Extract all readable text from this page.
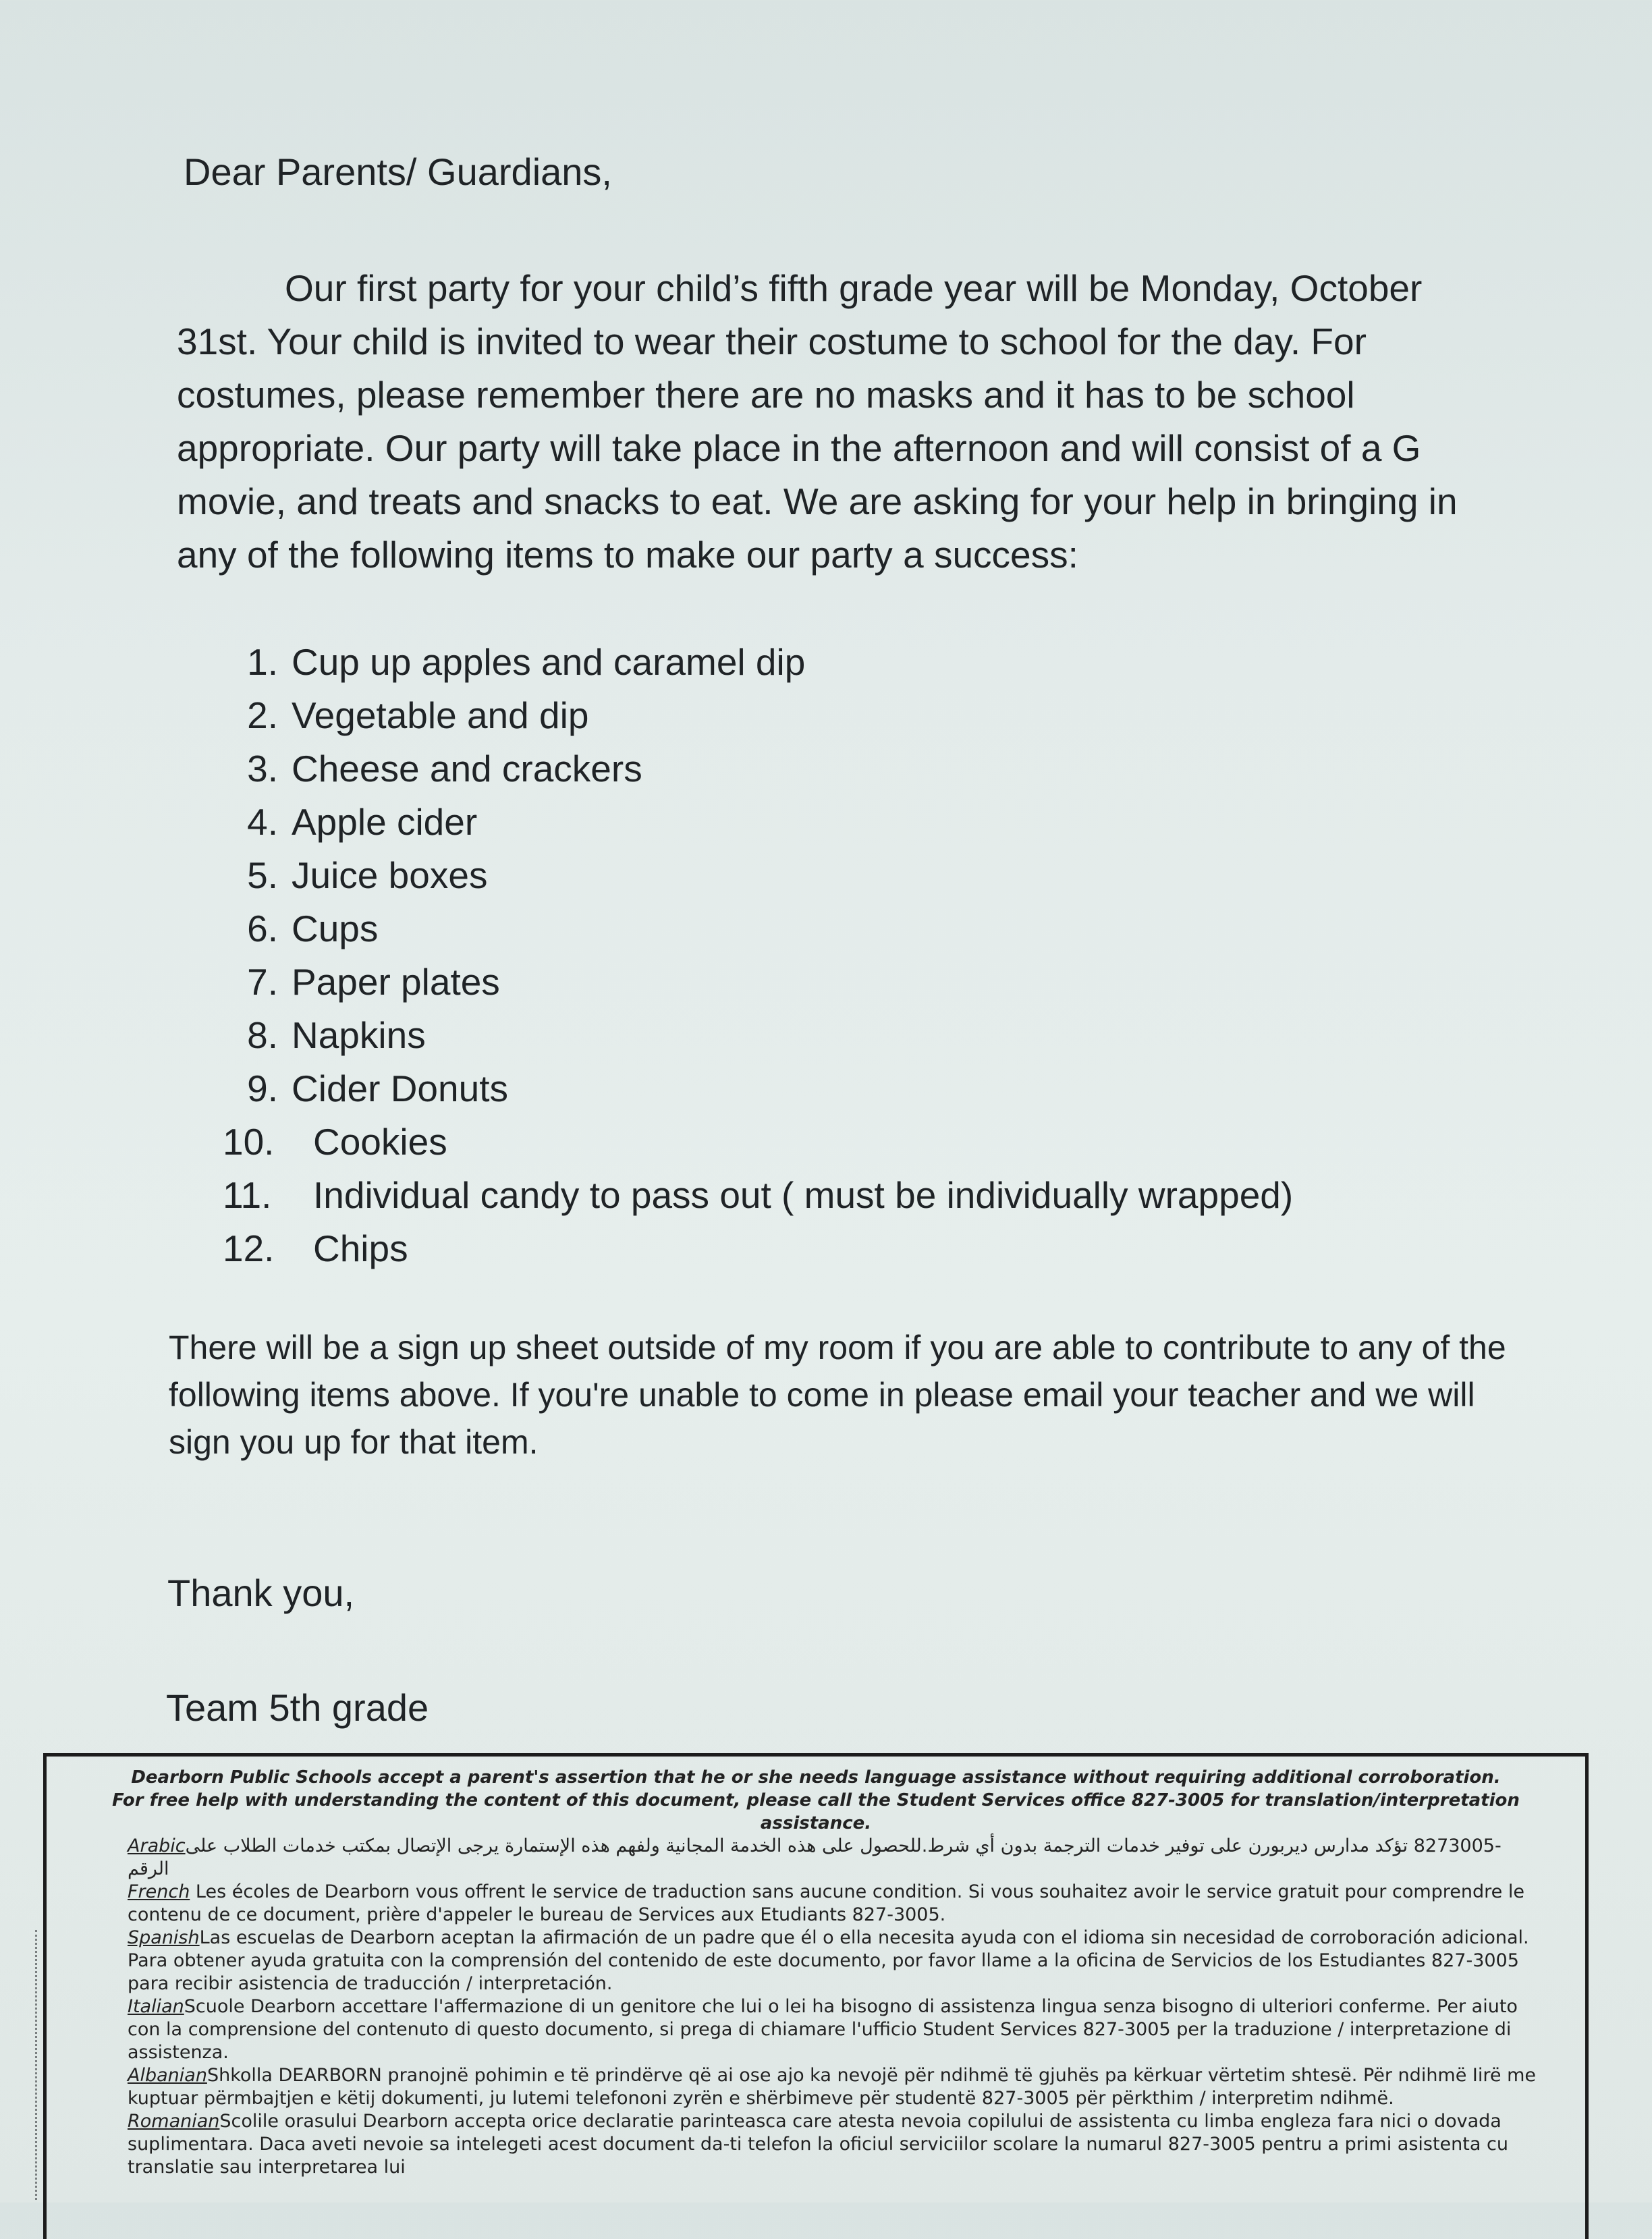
Dear Parents/ Guardians,

Our first party for your child’s fifth grade year will be Monday, October 31st. Your child is invited to wear their costume to school for the day. For costumes, please remember there are no masks and it has to be school appropriate. Our party will take place in the afternoon and will consist of a G movie, and treats and snacks to eat. We are asking for your help in bringing in any of the following items to make our party a success:

1. Cup up apples and caramel dip
2. Vegetable and dip
3. Cheese and crackers
4. Apple cider
5. Juice boxes
6. Cups
7. Paper plates
8. Napkins
9. Cider Donuts
10.	Cookies
11.	Individual candy to pass out ( must be individually wrapped)
12.	Chips

There will be a sign up sheet outside of my room if you are able to contribute to any of the following items above. If you're unable to come in please email your teacher and we will sign you up for that item.

Thank you,
Team 5th grade
Dearborn Public Schools accept a parent's assertion that he or she needs language assistance without requiring additional corroboration.
For free help with understanding the content of this document, please call the Student Services office 827-3005 for translation/interpretation assistance.
Arabic-8273005 تؤكد مدارس ديربورن على توفير خدمات الترجمة بدون أي شرط.للحصول على هذه الخدمة المجانية ولفهم هذه الإستمارة يرجى الإتصال بمكتب خدمات الطلاب على الرقم
French Les écoles de Dearborn vous offrent le service de traduction sans aucune condition. Si vous souhaitez avoir le service gratuit pour comprendre le contenu de ce document, prière d'appeler le bureau de Services aux Etudiants 827-3005.
SpanishLas escuelas de Dearborn aceptan la afirmación de un padre que él o ella necesita ayuda con el idioma sin necesidad de corroboración adicional. Para obtener ayuda gratuita con la comprensión del contenido de este documento, por favor llame a la oficina de Servicios de los Estudiantes 827-3005 para recibir asistencia de traducción / interpretación.
ItalianScuole Dearborn accettare l'affermazione di un genitore che lui o lei ha bisogno di assistenza lingua senza bisogno di ulteriori conferme. Per aiuto con la comprensione del contenuto di questo documento, si prega di chiamare l'ufficio Student Services 827-3005 per la traduzione / interpretazione di assistenza.
AlbanianShkolla DEARBORN pranojnë pohimin e të prindërve që ai ose ajo ka nevojë për ndihmë të gjuhës pa kërkuar vërtetim shtesë. Për ndihmë Iirë me kuptuar përmbajtjen e këtij dokumenti, ju lutemi telefononi zyrën e shërbimeve për studentë 827-3005 për përkthim / interpretim ndihmë.
RomanianScolile orasului Dearborn accepta orice declaratie parinteasca care atesta nevoia copilului de assistenta cu limba engleza fara nici o dovada suplimentara. Daca aveti nevoie sa intelegeti acest document da-ti telefon la oficiul serviciilor scolare la numarul 827-3005 pentru a primi asistenta cu translatie sau interpretarea lui
